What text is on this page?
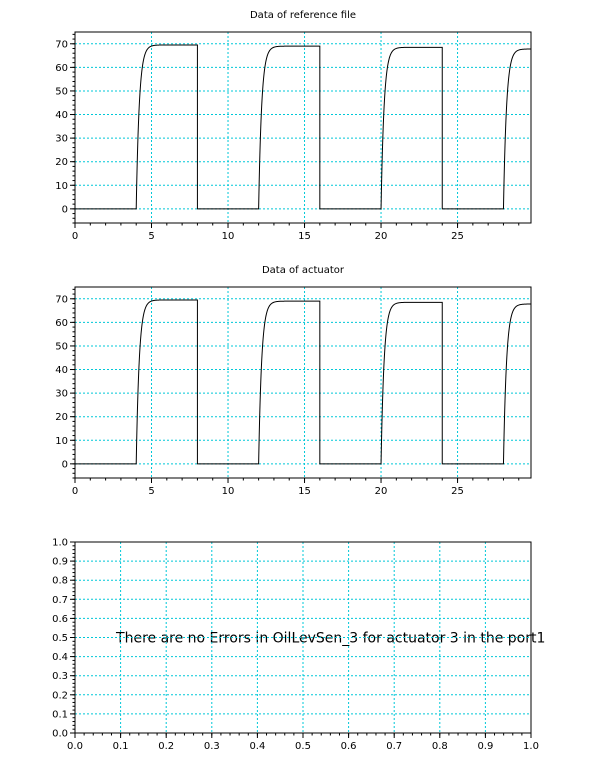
Data of reference file
0	5	10	15	20	25
0
10
20
30
40
50
60
70
Data of actuator
0	5	10	15	20	25
0
10
20
30
40
50
60
70
There are no Errors in OilLevSen_3 for actuator 3 in the port1
0.0	0.1	0.2	0.3	0.4	0.5	0.6	0.7	0.8	0.9	1.0
0.0
0.1
0.2
0.3
0.4
0.5
0.6
0.7
0.8
0.9
1.0
